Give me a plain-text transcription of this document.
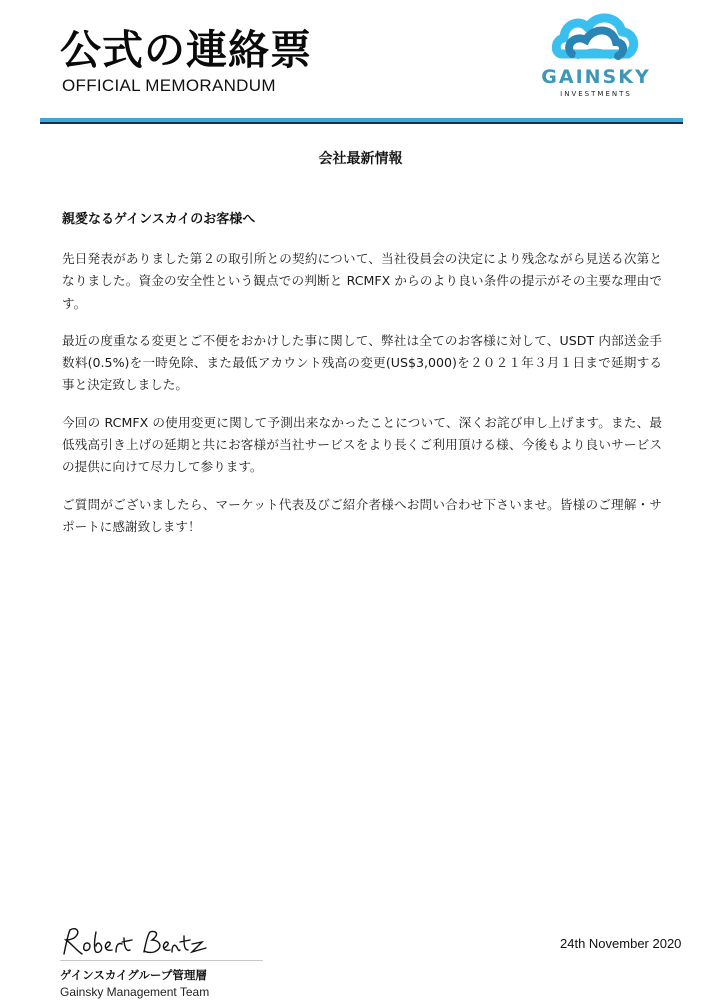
公式の連絡票
OFFICIAL MEMORANDUM	GAINSKY
INVESTMENTS
会社最新情報
親愛なるゲインスカイのお客様へ

先日発表がありました第２の取引所との契約について、当社役員会の決定により残念ながら見送る次第となりました。資金の安全性という観点での判断と RCMFX からのより良い条件の提示がその主要な理由です。

最近の度重なる変更とご不便をおかけした事に関して、弊社は全てのお客様に対して、USDT 内部送金手数料(0.5%)を一時免除、また最低アカウント残高の変更(US$3,000)を２０２１年３月１日まで延期する事と決定致しました。

今回の RCMFX の使用変更に関して予測出来なかったことについて、深くお詫び申し上げます。また、最低残高引き上げの延期と共にお客様が当社サービスをより長くご利用頂ける様、今後もより良いサービスの提供に向けて尽力して参ります。

ご質問がございましたら、マーケット代表及びご紹介者様へお問い合わせ下さいませ。皆様のご理解・サポートに感謝致します！

ゲインスカイグループ管理層
Gainsky Management Team
24th November 2020
